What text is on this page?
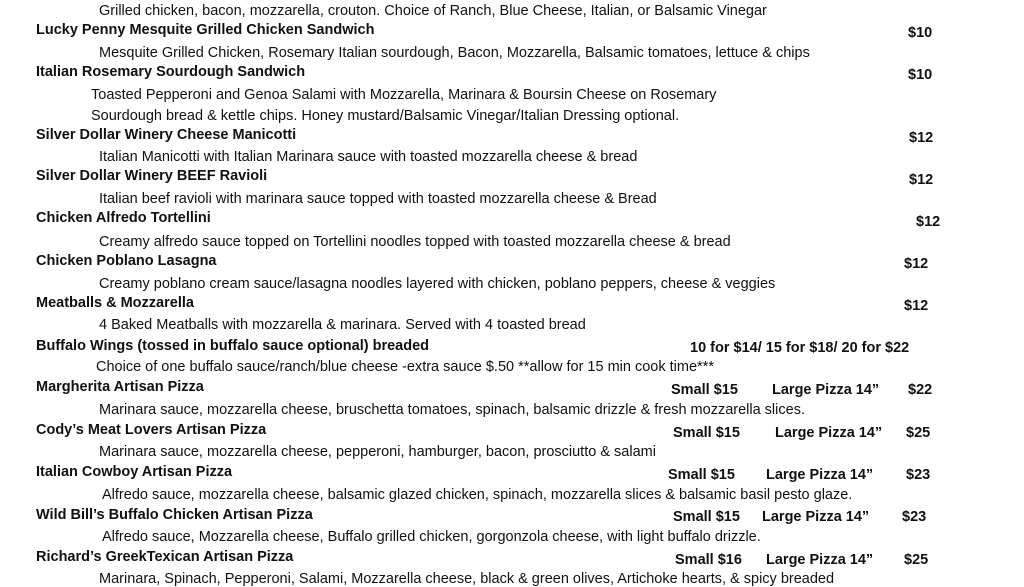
Grilled chicken, bacon, mozzarella, crouton. Choice of Ranch, Blue Cheese, Italian, or Balsamic Vinegar
Lucky Penny Mesquite Grilled Chicken Sandwich	$10
Mesquite Grilled Chicken, Rosemary Italian sourdough, Bacon, Mozzarella, Balsamic tomatoes, lettuce & chips
Italian Rosemary Sourdough Sandwich	$10
Toasted Pepperoni and Genoa Salami with Mozzarella, Marinara & Boursin Cheese on Rosemary
Sourdough bread & kettle chips. Honey mustard/Balsamic Vinegar/Italian Dressing optional.
Silver Dollar Winery Cheese Manicotti	$12
Italian Manicotti with Italian Marinara sauce with toasted mozzarella cheese & bread
Silver Dollar Winery BEEF Ravioli	$12
Italian beef ravioli with marinara sauce topped with toasted mozzarella cheese & Bread
Chicken Alfredo Tortellini	$12
Creamy alfredo sauce topped on Tortellini noodles topped with toasted mozzarella cheese & bread
Chicken Poblano Lasagna	$12
Creamy poblano cream sauce/lasagna noodles layered with chicken, poblano peppers, cheese & veggies
Meatballs & Mozzarella	$12
4 Baked Meatballs with mozzarella & marinara. Served with 4 toasted bread
Buffalo Wings (tossed in buffalo sauce optional) breaded	10 for $14/ 15 for $18/ 20 for $22
Choice of one buffalo sauce/ranch/blue cheese -extra sauce $.50 **allow for 15 min cook time***
Margherita Artisan Pizza	Small $15 Large Pizza 14” $22
Marinara sauce, mozzarella cheese, bruschetta tomatoes, spinach, balsamic drizzle & fresh mozzarella slices.
Cody’s Meat Lovers Artisan Pizza	Small $15 Large Pizza 14” $25
Marinara sauce, mozzarella cheese, pepperoni, hamburger, bacon, prosciutto & salami
Italian Cowboy Artisan Pizza	Small $15 Large Pizza 14” $23
Alfredo sauce, mozzarella cheese, balsamic glazed chicken, spinach, mozzarella slices & balsamic basil pesto glaze.
Wild Bill’s Buffalo Chicken Artisan Pizza	Small $15 Large Pizza 14” $23
Alfredo sauce, Mozzarella cheese, Buffalo grilled chicken, gorgonzola cheese, with light buffalo drizzle.
Richard’s GreekTexican Artisan Pizza	Small $16 Large Pizza 14” $25
Marinara, Spinach, Pepperoni, Salami, Mozzarella cheese, black & green olives, Artichoke hearts, & spicy breaded
